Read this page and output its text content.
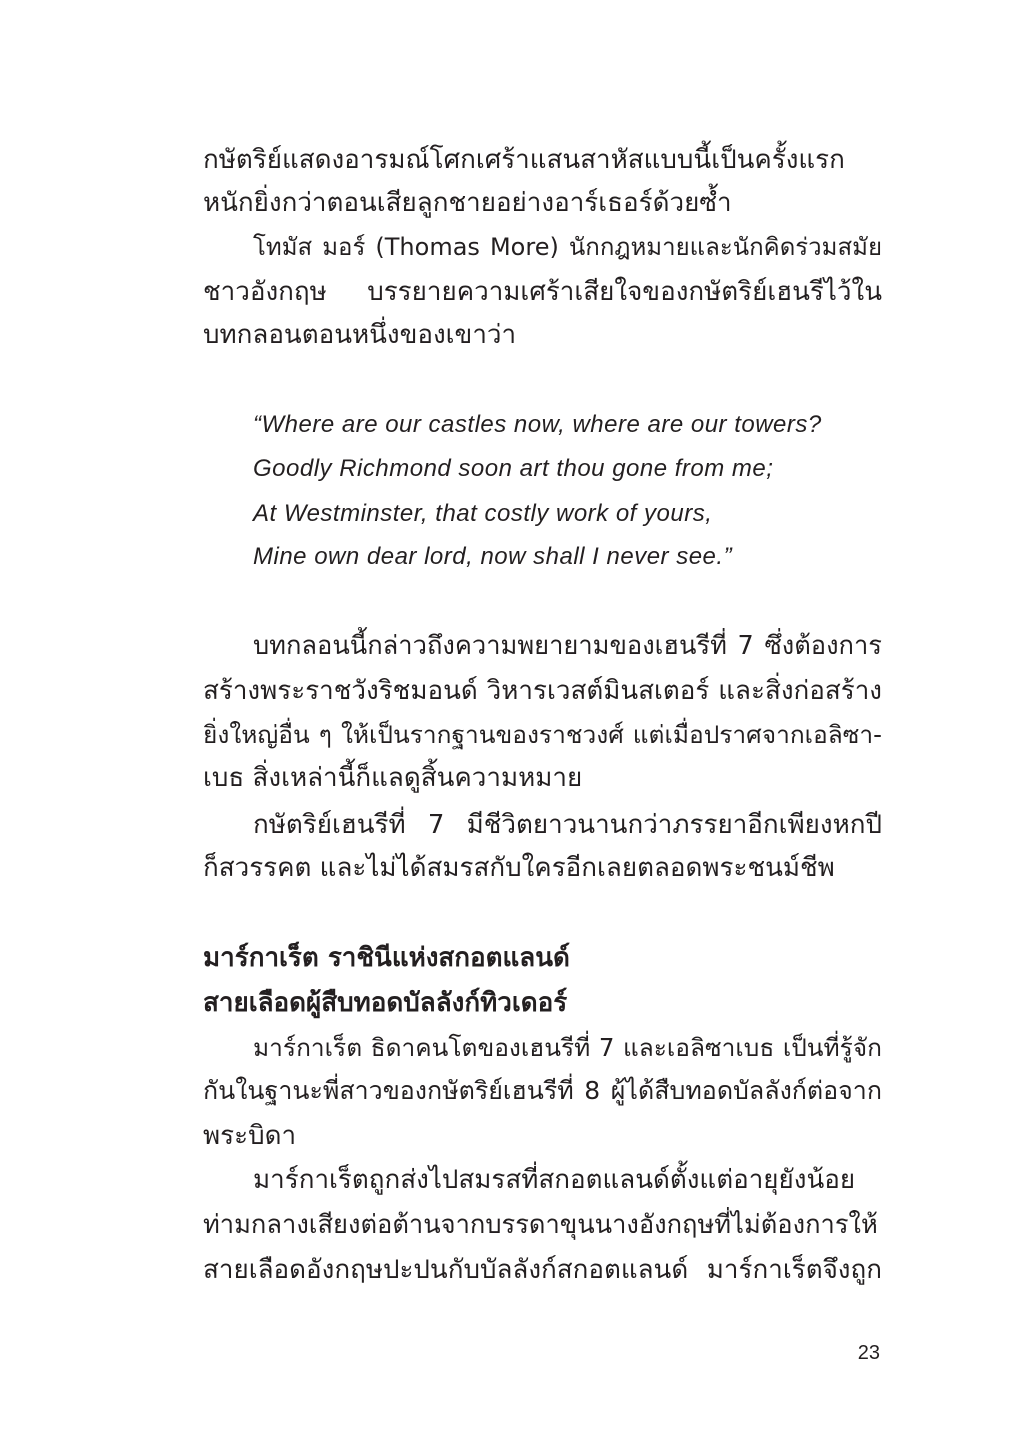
กษัตริย์แสดงอารมณ์โศกเศร้าแสนสาหัสแบบนี้เป็นครั้งแรก
หนักยิ่งกว่าตอนเสียลูกชายอย่างอาร์เธอร์ด้วยซ้ำ
โทมัส มอร์ (Thomas More) นักกฎหมายและนักคิดร่วมสมัย
ชาวอังกฤษ บรรยายความเศร้าเสียใจของกษัตริย์เฮนรีไว้ใน
บทกลอนตอนหนึ่งของเขาว่า
“Where are our castles now, where are our towers?
Goodly Richmond soon art thou gone from me;
At Westminster, that costly work of yours,
Mine own dear lord, now shall I never see.”
บทกลอนนี้กล่าวถึงความพยายามของเฮนรีที่ 7 ซึ่งต้องการ
สร้างพระราชวังริชมอนด์ วิหารเวสต์มินสเตอร์ และสิ่งก่อสร้าง
ยิ่งใหญ่อื่น ๆ ให้เป็นรากฐานของราชวงศ์ แต่เมื่อปราศจากเอลิซา-
เบธ สิ่งเหล่านี้ก็แลดูสิ้นความหมาย
กษัตริย์เฮนรีที่ 7 มีชีวิตยาวนานกว่าภรรยาอีกเพียงหกปี
ก็สวรรคต และไม่ได้สมรสกับใครอีกเลยตลอดพระชนม์ชีพ
มาร์กาเร็ต ราชินีแห่งสกอตแลนด์
สายเลือดผู้สืบทอดบัลลังก์ทิวเดอร์
มาร์กาเร็ต ธิดาคนโตของเฮนรีที่ 7 และเอลิซาเบธ เป็นที่รู้จัก
กันในฐานะพี่สาวของกษัตริย์เฮนรีที่ 8 ผู้ได้สืบทอดบัลลังก์ต่อจาก
พระบิดา
มาร์กาเร็ตถูกส่งไปสมรสที่สกอตแลนด์ตั้งแต่อายุยังน้อย
ท่ามกลางเสียงต่อต้านจากบรรดาขุนนางอังกฤษที่ไม่ต้องการให้
สายเลือดอังกฤษปะปนกับบัลลังก์สกอตแลนด์ มาร์กาเร็ตจึงถูก
23
